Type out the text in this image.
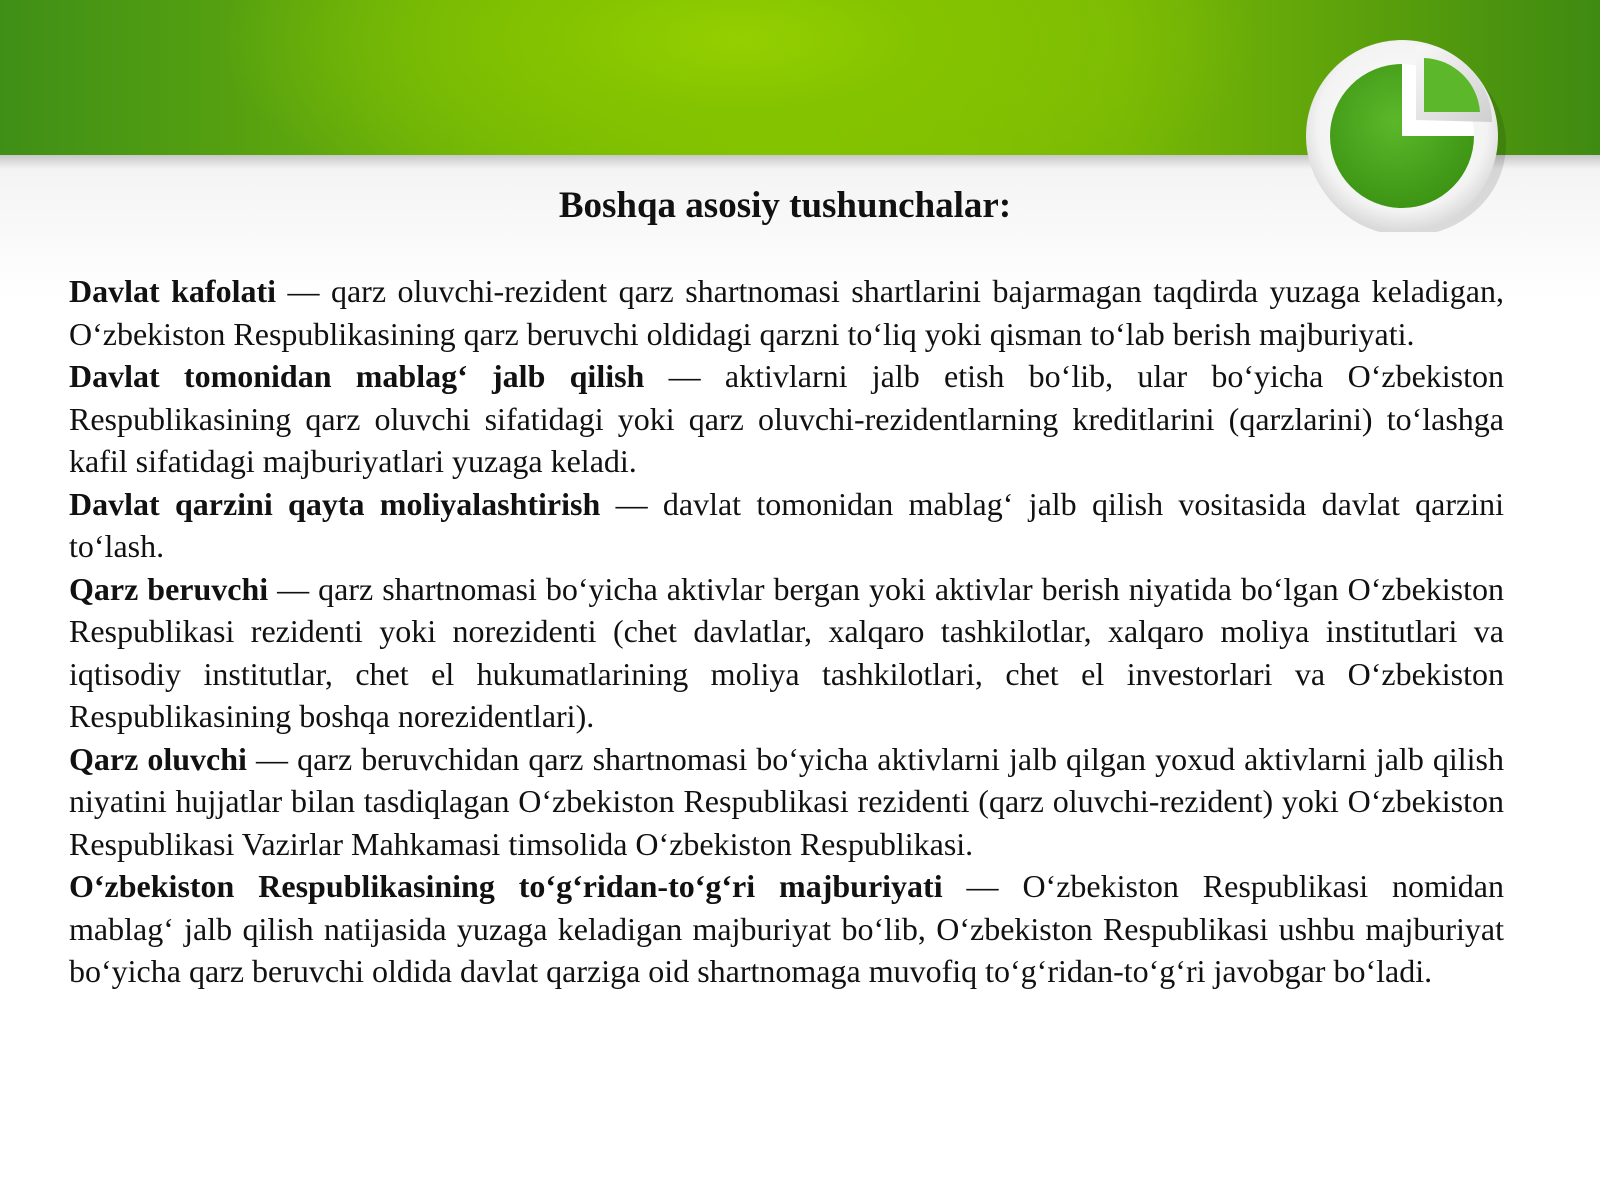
Boshqa asosiy tushunchalar:

Davlat kafolati — qarz oluvchi-rezident qarz shartnomasi shartlarini bajarmagan taqdirda yuzaga keladigan, O‘zbekiston Respublikasining qarz beruvchi oldidagi qarzni to‘liq yoki qisman to‘lab berish majburiyati.

Davlat tomonidan mablag‘ jalb qilish — aktivlarni jalb etish bo‘lib, ular bo‘yicha O‘zbekiston Respublikasining qarz oluvchi sifatidagi yoki qarz oluvchi-rezidentlarning kreditlarini (qarzlarini) to‘lashga kafil sifatidagi majburiyatlari yuzaga keladi.

Davlat qarzini qayta moliyalashtirish — davlat tomonidan mablag‘ jalb qilish vositasida davlat qarzini to‘lash.

Qarz beruvchi — qarz shartnomasi bo‘yicha aktivlar bergan yoki aktivlar berish niyatida bo‘lgan O‘zbekiston Respublikasi rezidenti yoki norezidenti (chet davlatlar, xalqaro tashkilotlar, xalqaro moliya institutlari va iqtisodiy institutlar, chet el hukumatlarining moliya tashkilotlari, chet el investorlari va O‘zbekiston Respublikasining boshqa norezidentlari).

Qarz oluvchi — qarz beruvchidan qarz shartnomasi bo‘yicha aktivlarni jalb qilgan yoxud aktivlarni jalb qilish niyatini hujjatlar bilan tasdiqlagan O‘zbekiston Respublikasi rezidenti (qarz oluvchi-rezident) yoki O‘zbekiston Respublikasi Vazirlar Mahkamasi timsolida O‘zbekiston Respublikasi.

O‘zbekiston Respublikasining to‘g‘ridan-to‘g‘ri majburiyati — O‘zbekiston Respublikasi nomidan mablag‘ jalb qilish natijasida yuzaga keladigan majburiyat bo‘lib, O‘zbekiston Respublikasi ushbu majburiyat bo‘yicha qarz beruvchi oldida davlat qarziga oid shartnomaga muvofiq to‘g‘ridan-to‘g‘ri javobgar bo‘ladi.
